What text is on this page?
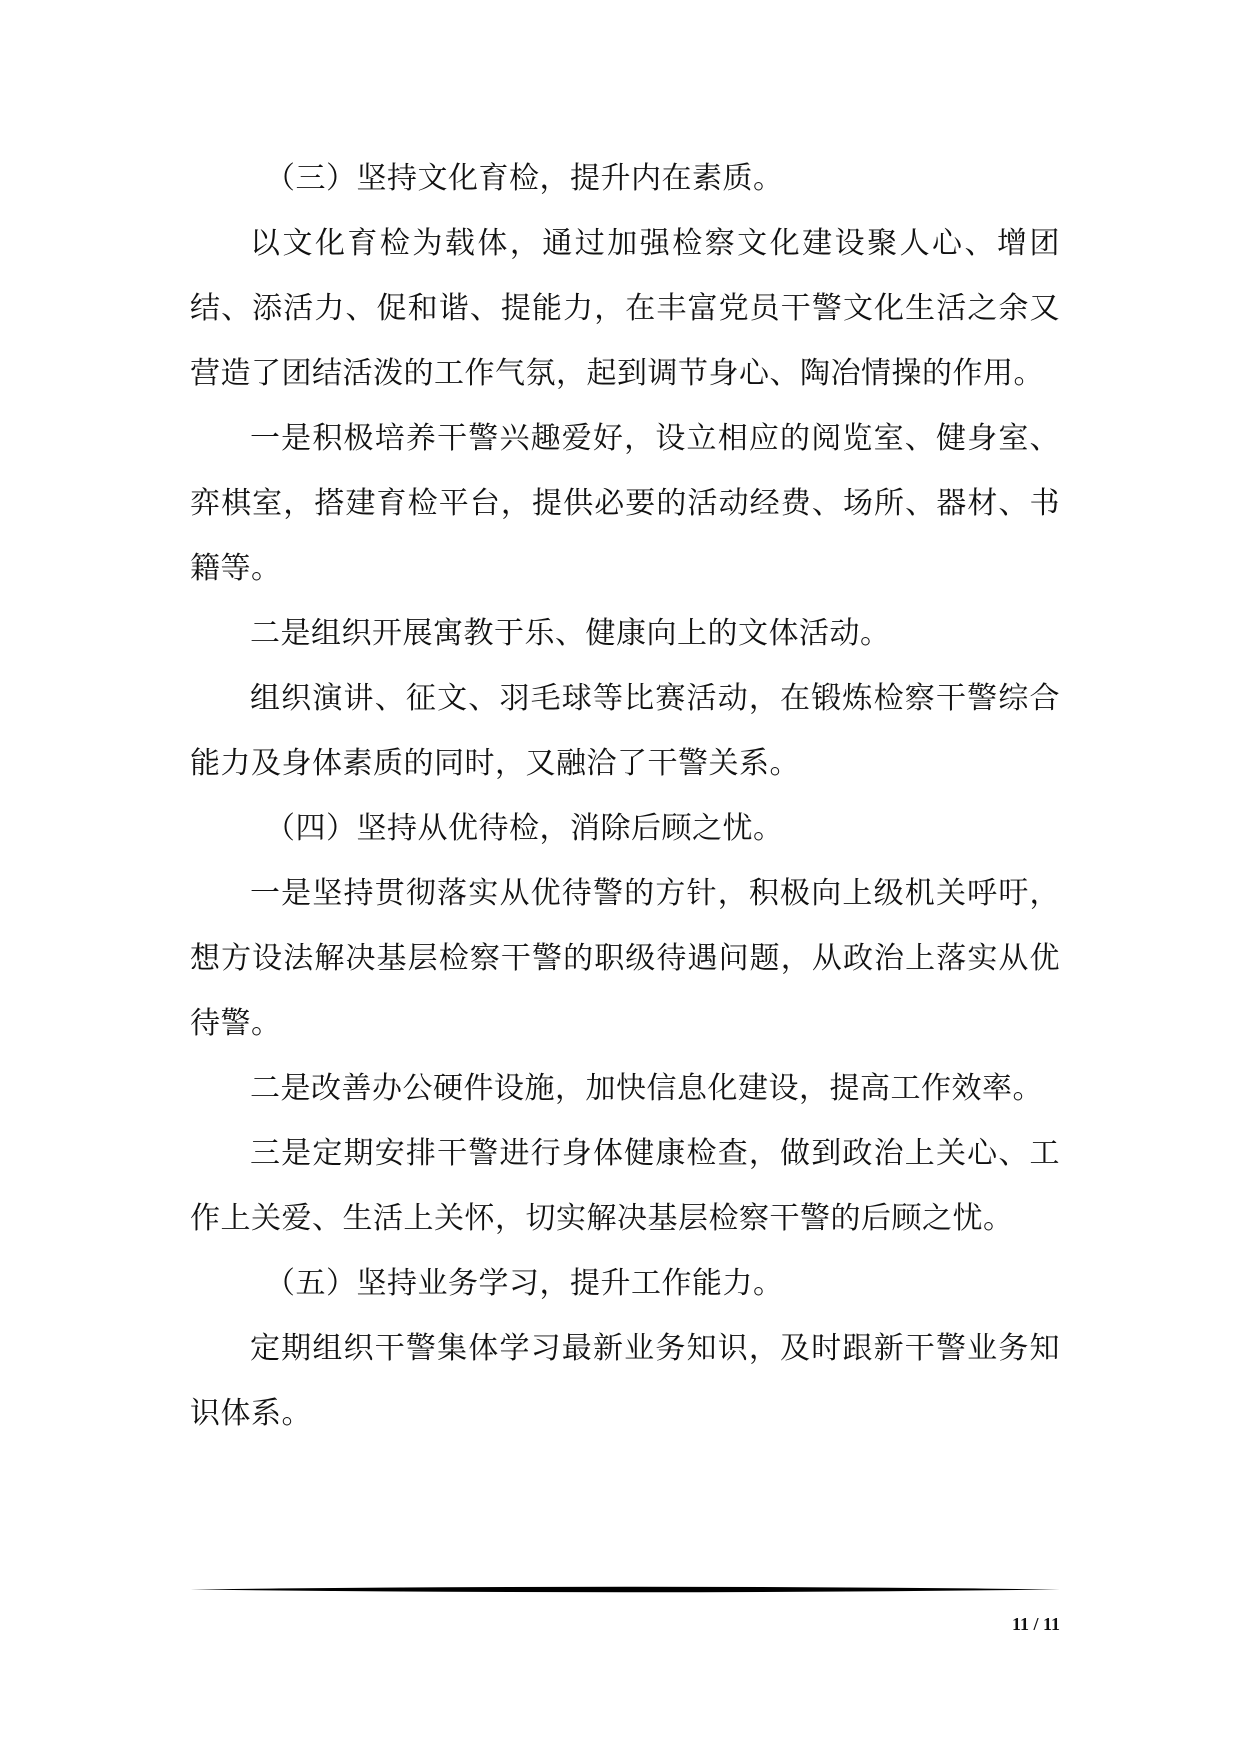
（三）坚持文化育检，提升内在素质。

以文化育检为载体，通过加强检察文化建设聚人心、增团结、添活力、促和谐、提能力，在丰富党员干警文化生活之余又营造了团结活泼的工作气氛，起到调节身心、陶冶情操的作用。

一是积极培养干警兴趣爱好，设立相应的阅览室、健身室、弈棋室，搭建育检平台，提供必要的活动经费、场所、器材、书籍等。

二是组织开展寓教于乐、健康向上的文体活动。

组织演讲、征文、羽毛球等比赛活动，在锻炼检察干警综合能力及身体素质的同时，又融洽了干警关系。

（四）坚持从优待检，消除后顾之忧。

一是坚持贯彻落实从优待警的方针，积极向上级机关呼吁，想方设法解决基层检察干警的职级待遇问题，从政治上落实从优待警。

二是改善办公硬件设施，加快信息化建设，提高工作效率。

三是定期安排干警进行身体健康检查，做到政治上关心、工作上关爱、生活上关怀，切实解决基层检察干警的后顾之忧。

（五）坚持业务学习，提升工作能力。

定期组织干警集体学习最新业务知识，及时跟新干警业务知识体系。

11 / 11
